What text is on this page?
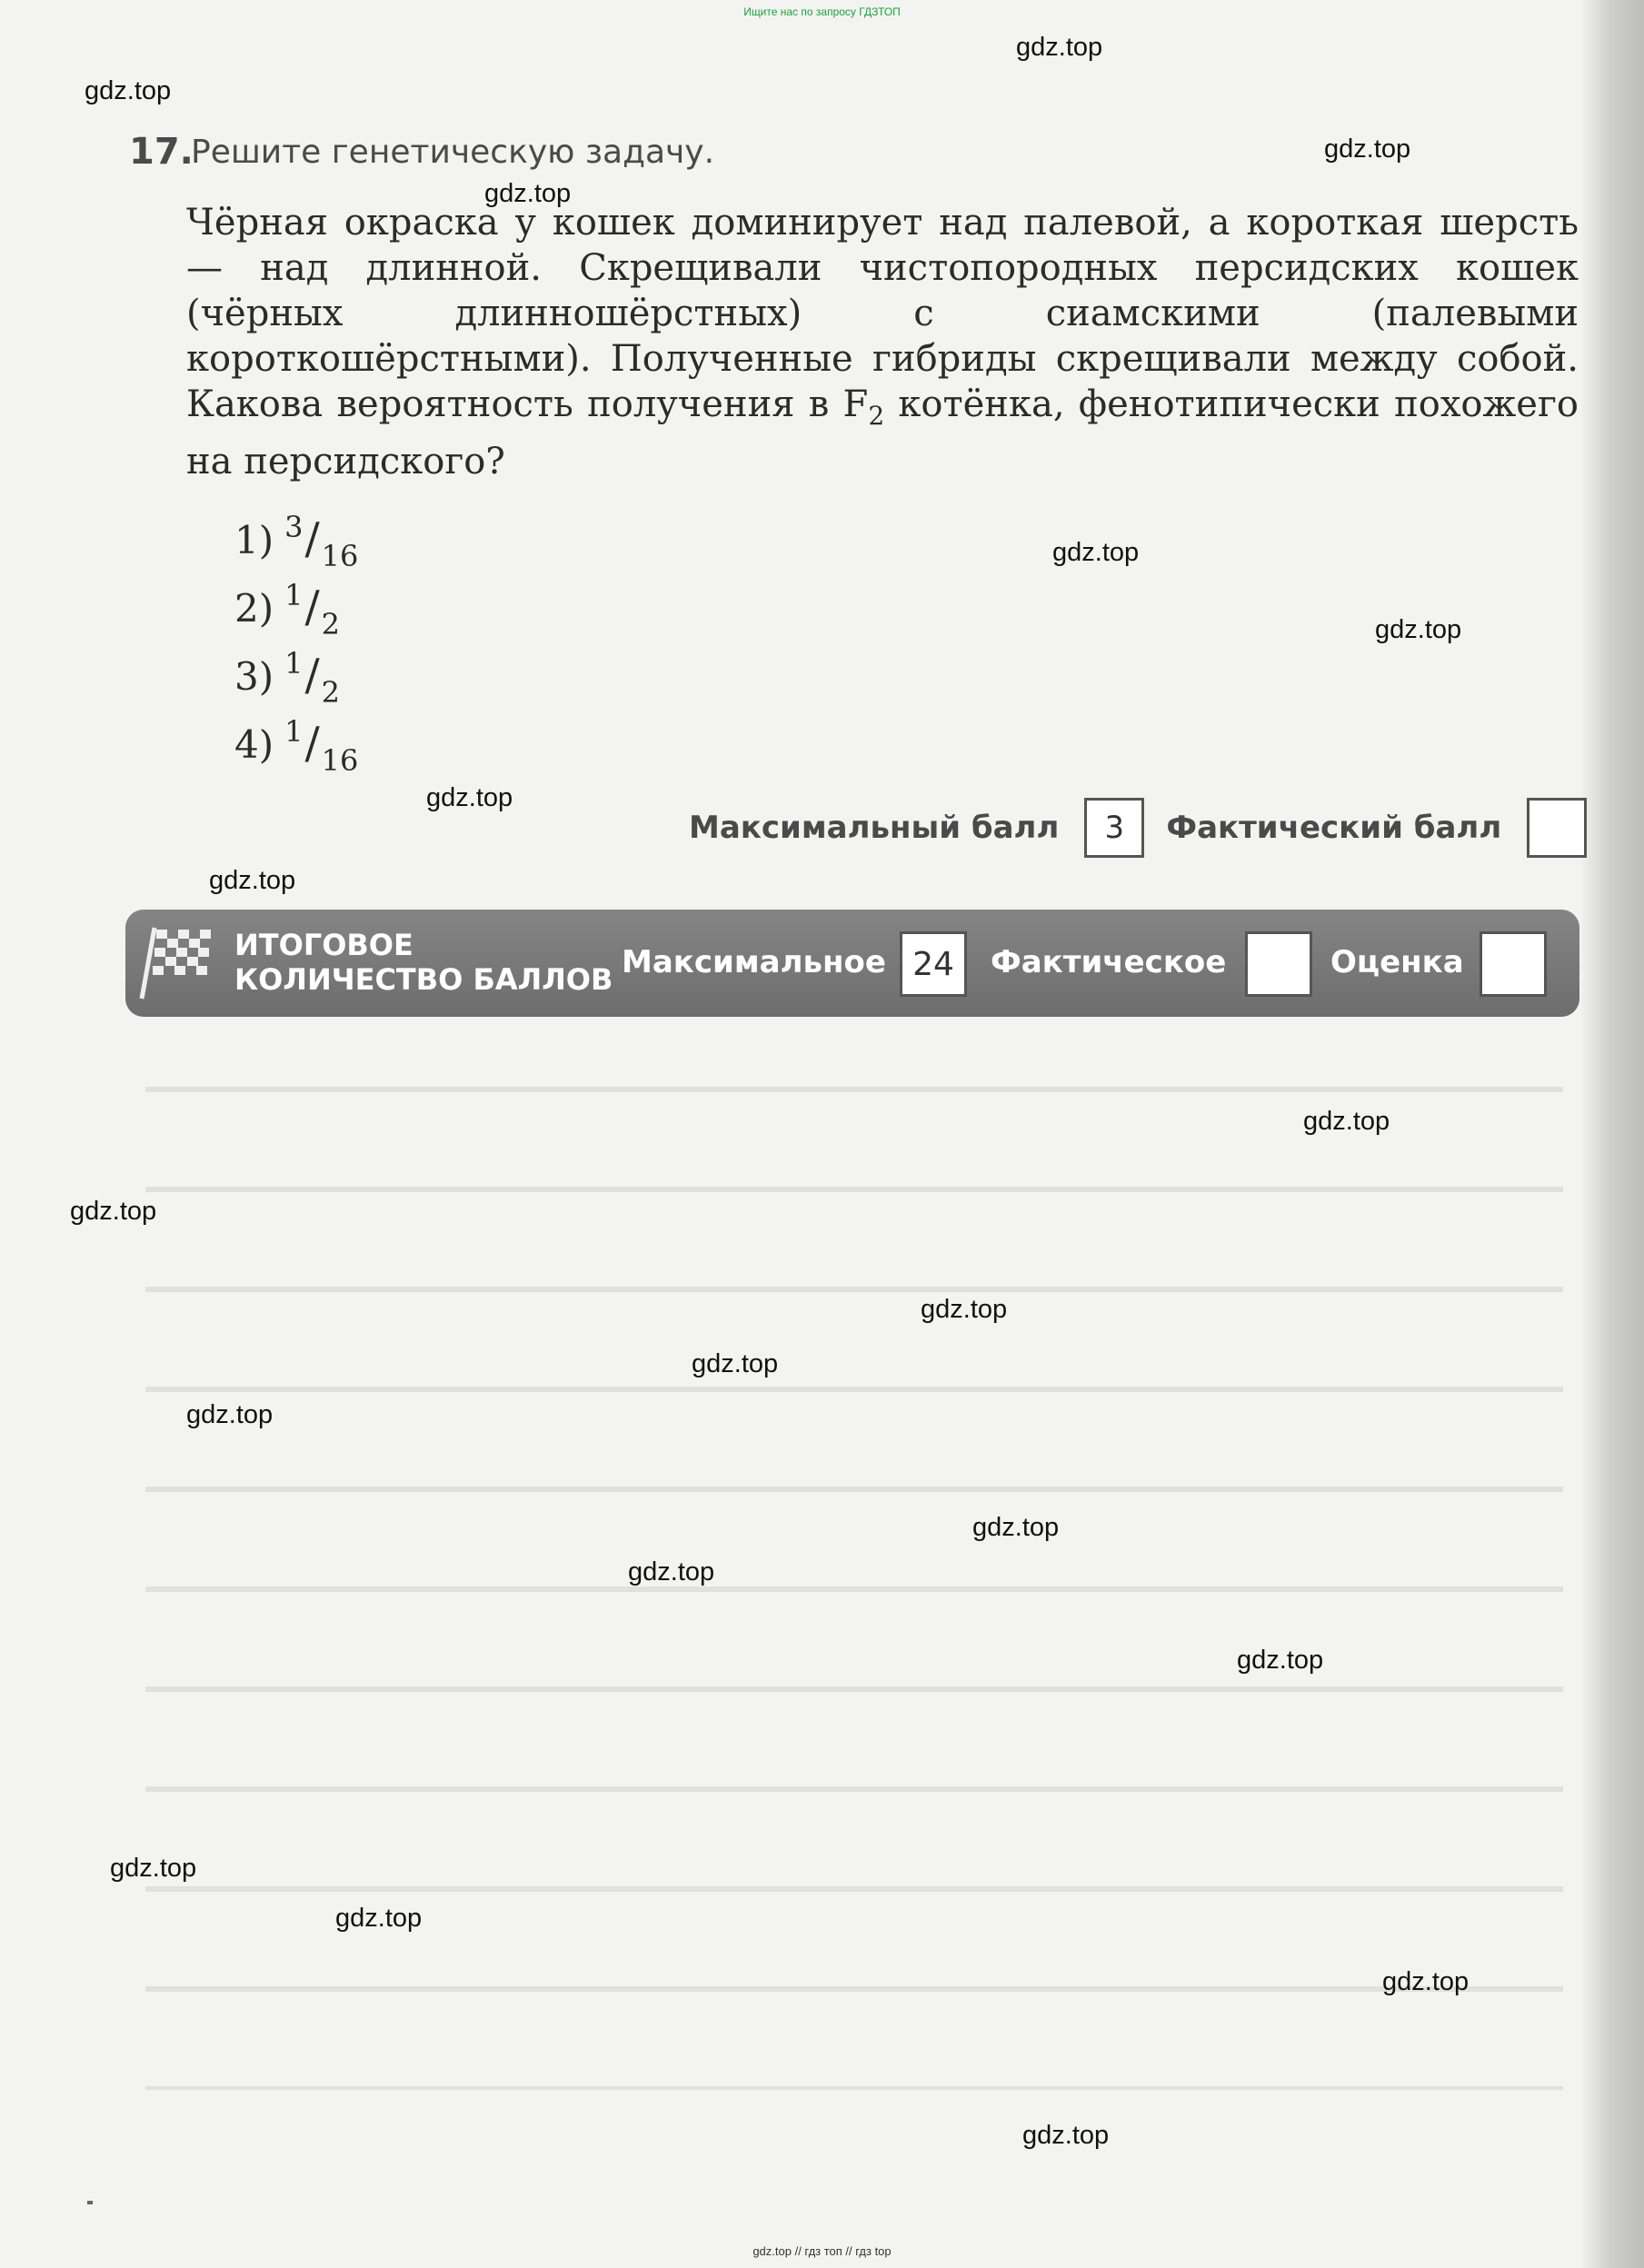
Ищите нас по запросу ГДЗТОП
gdz.top
gdz.top
gdz.top
gdz.top
gdz.top
gdz.top
gdz.top
gdz.top
gdz.top
gdz.top
gdz.top
gdz.top
gdz.top
gdz.top
gdz.top
gdz.top
gdz.top
gdz.top
gdz.top
gdz.top
17.
Решите генетическую задачу.

Чёрная окраска у кошек доминирует над палевой, а короткая шерсть — над длинной. Скрещивали чистопородных персидских кошек (чёрных длинношёрстных) с сиамскими (палевыми короткошёрстными). Полученные гибриды скрещивали между собой. Какова вероятность получения в $F_2$ котёнка, фенотипически похожего на персидского?

1) 3 / 16
2) 1 / 2
3) 1 / 2
4) 1 / 16
Максимальный балл	3	Фактический балл
ИТОГОВОЕ
КОЛИЧЕСТВО БАЛЛОВ Максимальное 24	Фактическое	Оценка
gdz.top // гдз топ // гдз top
